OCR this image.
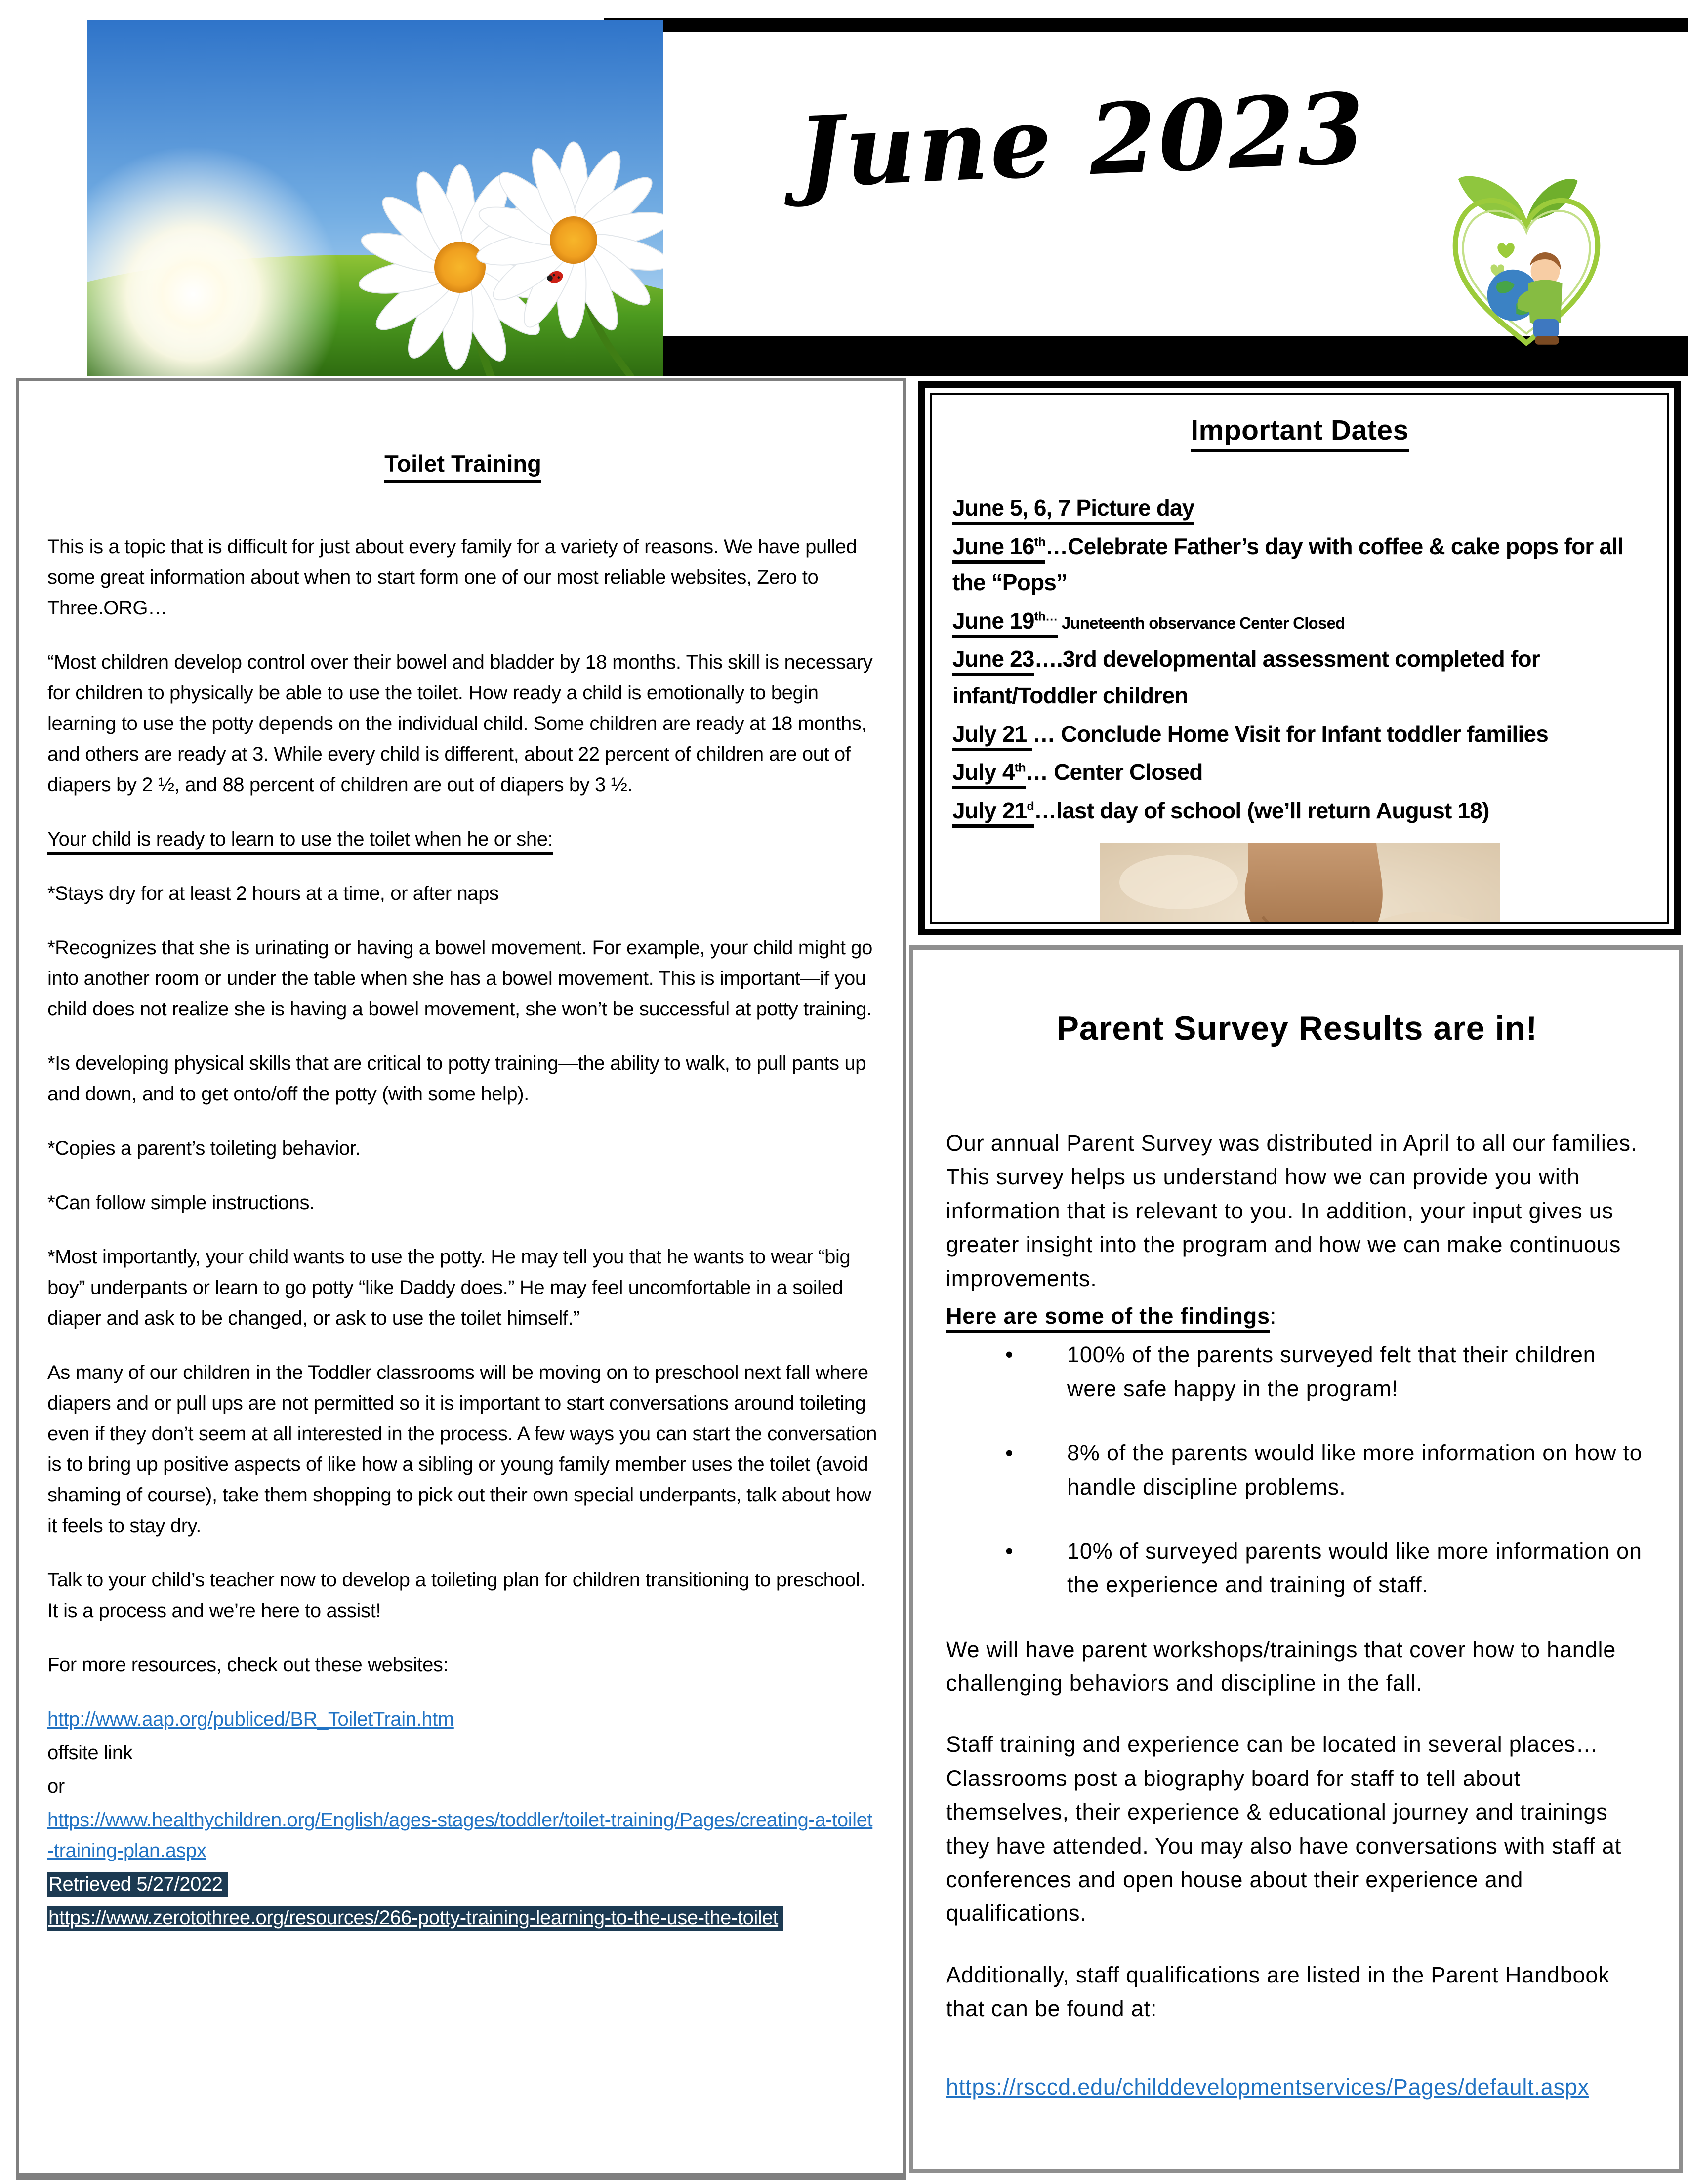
June 2023
Toilet Training

This is a topic that is difficult for just about every family for a variety of reasons. We have pulled some great information about when to start form one of our most reliable websites, Zero to Three.ORG…

“Most children develop control over their bowel and bladder by 18 months. This skill is necessary for children to physically be able to use the toilet. How ready a child is emotionally to begin learning to use the potty depends on the individual child. Some children are ready at 18 months, and others are ready at 3. While every child is different, about 22 percent of children are out of diapers by 2 ½, and 88 percent of children are out of diapers by 3 ½.

Your child is ready to learn to use the toilet when he or she:

*Stays dry for at least 2 hours at a time, or after naps

*Recognizes that she is urinating or having a bowel movement. For example, your child might go into another room or under the table when she has a bowel movement. This is important—if you child does not realize she is having a bowel movement, she won’t be successful at potty training.

*Is developing physical skills that are critical to potty training—the ability to walk, to pull pants up and down, and to get onto/off the potty (with some help).

*Copies a parent’s toileting behavior.

*Can follow simple instructions.

*Most importantly, your child wants to use the potty. He may tell you that he wants to wear “big boy” underpants or learn to go potty “like Daddy does.” He may feel uncomfortable in a soiled diaper and ask to be changed, or ask to use the toilet himself.”

As many of our children in the Toddler classrooms will be moving on to preschool next fall where diapers and or pull ups are not permitted so it is important to start conversations around toileting even if they don’t seem at all interested in the process. A few ways you can start the conversation is to bring up positive aspects of like how a sibling or young family member uses the toilet (avoid shaming of course), take them shopping to pick out their own special underpants, talk about how it feels to stay dry.

Talk to your child’s teacher now to develop a toileting plan for children transitioning to preschool. It is a process and we’re here to assist!

For more resources, check out these websites:

http://www.aap.org/publiced/BR_ToiletTrain.htm

offsite link

or

https://www.healthychildren.org/English/ages-stages/toddler/toilet-training/Pages/creating-a-toilet-training-plan.aspx

Retrieved 5/27/2022

https://www.zerotothree.org/resources/266-potty-training-learning-to-the-use-the-toilet

Important Dates
June 5, 6, 7 Picture day
June 16th…Celebrate Father’s day with coffee & cake pops for all the “Pops”
June $19^{th\dots}$ Juneteenth observance Center Closed
June 23….3rd developmental assessment completed for infant/Toddler children
July 21 … Conclude Home Visit for Infant toddler families
July 4th… Center Closed
July 21$^d$…last day of school (we’ll return August 18)
Parent Survey Results are in!

Our annual Parent Survey was distributed in April to all our families. This survey helps us understand how we can provide you with information that is relevant to you. In addition, your input gives us greater insight into the program and how we can make continuous improvements.

Here are some of the findings:

• 100% of the parents surveyed felt that their children were safe happy in the program!
• 8% of the parents would like more information on how to handle discipline problems.
• 10% of surveyed parents would like more information on the experience and training of staff.

We will have parent workshops/trainings that cover how to handle challenging behaviors and discipline in the fall.

Staff training and experience can be located in several places…Classrooms post a biography board for staff to tell about themselves, their experience & educational journey and trainings they have attended. You may also have conversations with staff at conferences and open house about their experience and qualifications.

Additionally, staff qualifications are listed in the Parent Handbook that can be found at:

https://rsccd.edu/childdevelopmentservices/Pages/default.aspx
